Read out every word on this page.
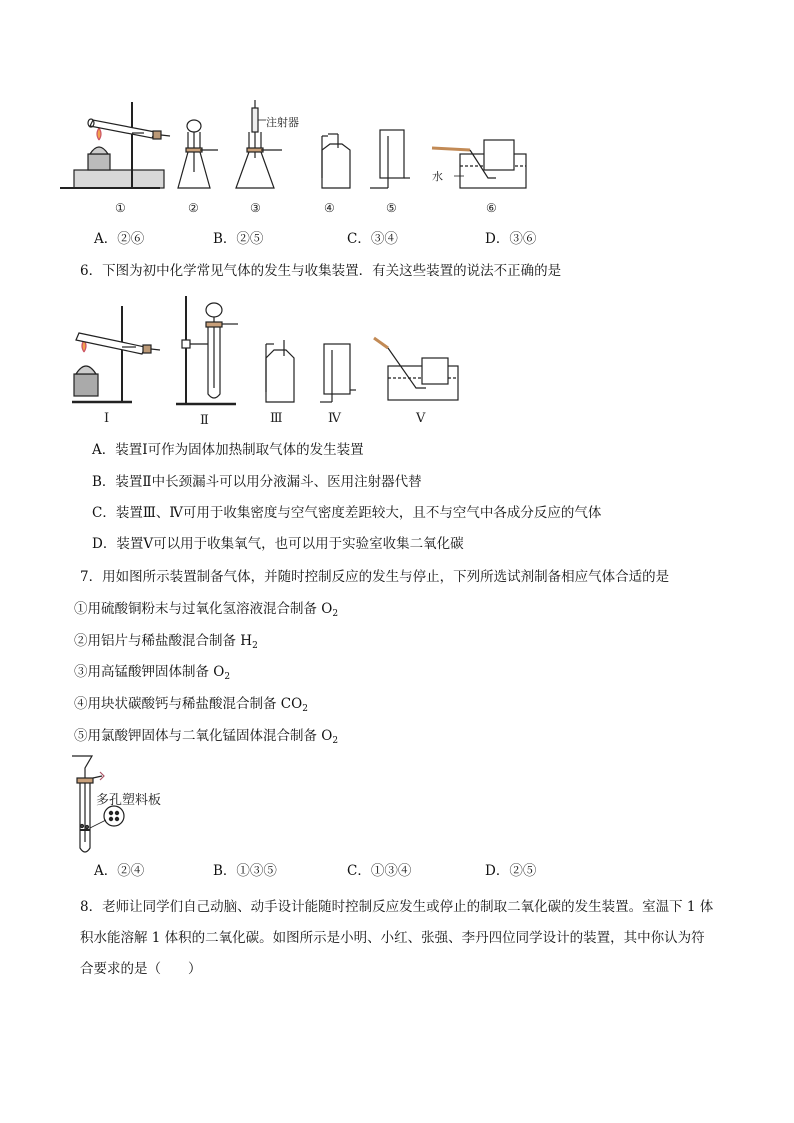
①	②
注射器
③	④	⑤
水
⑥
A．②⑥	B．②⑤	C．③④	D．③⑥
6．下图为初中化学常见气体的发生与收集装置．有关这些装置的说法不正确的是
Ⅰ	Ⅱ	Ⅲ	Ⅳ	Ⅴ
A．装置Ⅰ可作为固体加热制取气体的发生装置
B．装置Ⅱ中长颈漏斗可以用分液漏斗、医用注射器代替
C．装置Ⅲ、Ⅳ可用于收集密度与空气密度差距较大，且不与空气中各成分反应的气体
D．装置Ⅴ可以用于收集氧气，也可以用于实验室收集二氧化碳
7．用如图所示装置制备气体，并随时控制反应的发生与停止，下列所选试剂制备相应气体合适的是
①用硫酸铜粉末与过氧化氢溶液混合制备 $O_2$
②用铝片与稀盐酸混合制备 $H_2$
③用高锰酸钾固体制备 $O_2$
④用块状碳酸钙与稀盐酸混合制备 $CO_2$
⑤用氯酸钾固体与二氧化锰固体混合制备 $O_2$
多孔塑料板
A．②④	B．①③⑤	C．①③④	D．②⑤
8．老师让同学们自己动脑、动手设计能随时控制反应发生或停止的制取二氧化碳的发生装置。室温下 1 体
积水能溶解 1 体积的二氧化碳。如图所示是小明、小红、张强、李丹四位同学设计的装置，其中你认为符
合要求的是（　　）
